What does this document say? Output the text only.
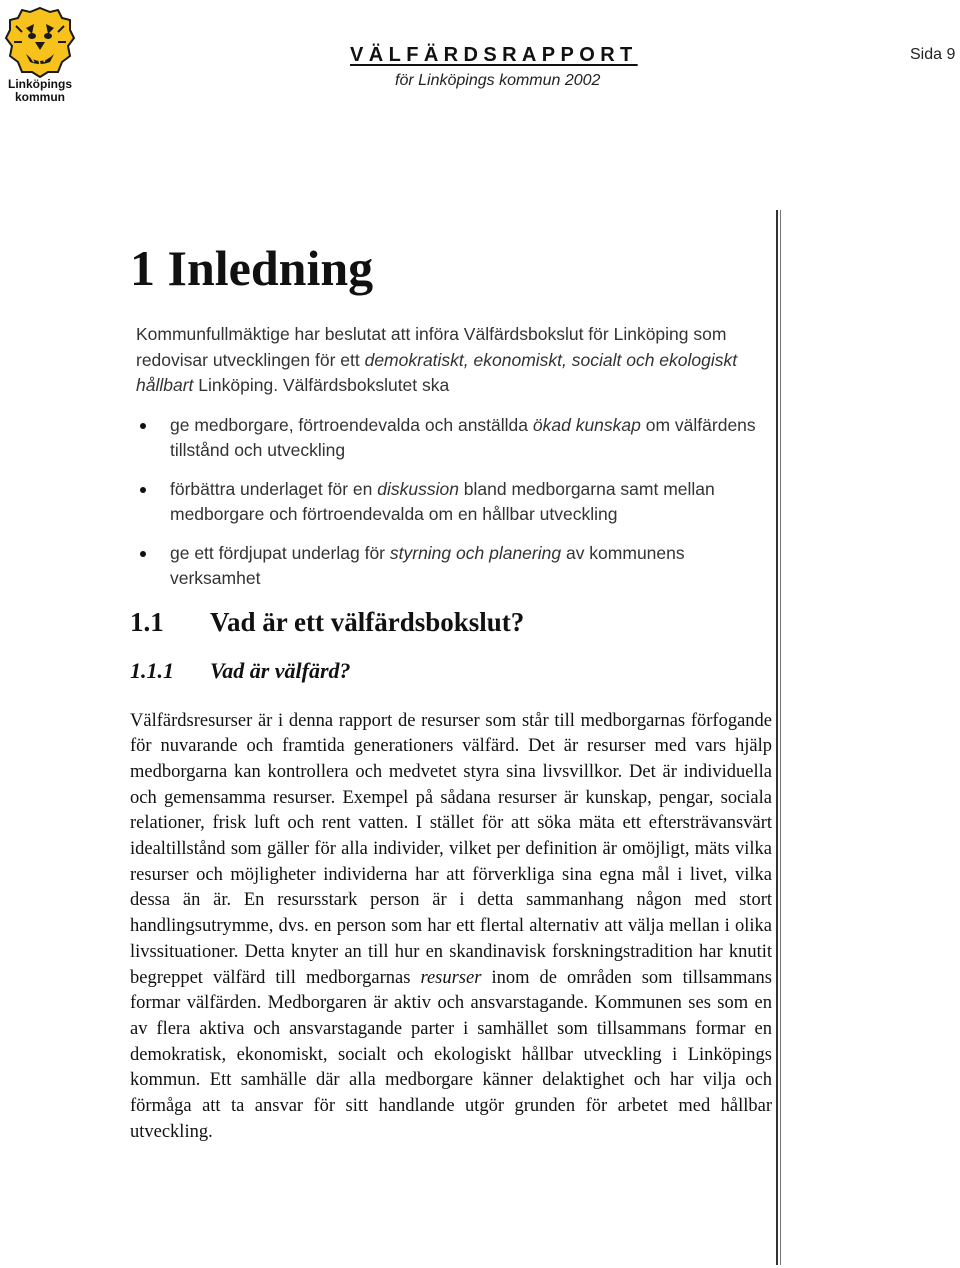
Linköpings
kommun
VÄLFÄRDSRAPPORT
för Linköpings kommun 2002
Sida 9
1 Inledning

Kommunfullmäktige har beslutat att införa Välfärdsbokslut för Linköping som redovisar utvecklingen för ett demokratiskt, ekonomiskt, socialt och ekologiskt hållbart Linköping. Välfärdsbokslutet ska

ge medborgare, förtroendevalda och anställda ökad kunskap om välfärdens tillstånd och utveckling
förbättra underlaget för en diskussion bland medborgarna samt mellan medborgare och förtroendevalda om en hållbar utveckling
ge ett fördjupat underlag för styrning och planering av kommunens verksamhet
1.1 Vad är ett välfärdsbokslut?
1.1.1 Vad är välfärd?

Välfärdsresurser är i denna rapport de resurser som står till medborgarnas förfogande för nuvarande och framtida generationers välfärd. Det är resurser med vars hjälp medborgarna kan kontrollera och medvetet styra sina livsvillkor. Det är individuella och gemensamma resurser. Exempel på sådana resurser är kunskap, pengar, sociala relationer, frisk luft och rent vatten. I stället för att söka mäta ett eftersträvansvärt idealtillstånd som gäller för alla individer, vilket per definition är omöjligt, mäts vilka resurser och möjligheter individerna har att förverkliga sina egna mål i livet, vilka dessa än är. En resursstark person är i detta sammanhang någon med stort handlingsutrymme, dvs. en person som har ett flertal alternativ att välja mellan i olika livssituationer. Detta knyter an till hur en skandinavisk forskningstradition har knutit begreppet välfärd till medborgarnas resurser inom de områden som tillsammans formar välfärden. Medborgaren är aktiv och ansvarstagande. Kommunen ses som en av flera aktiva och ansvarstagande parter i samhället som tillsammans formar en demokratisk, ekonomiskt, socialt och ekologiskt hållbar utveckling i Linköpings kommun. Ett samhälle där alla medborgare känner delaktighet och har vilja och förmåga att ta ansvar för sitt handlande utgör grunden för arbetet med hållbar utveckling.
